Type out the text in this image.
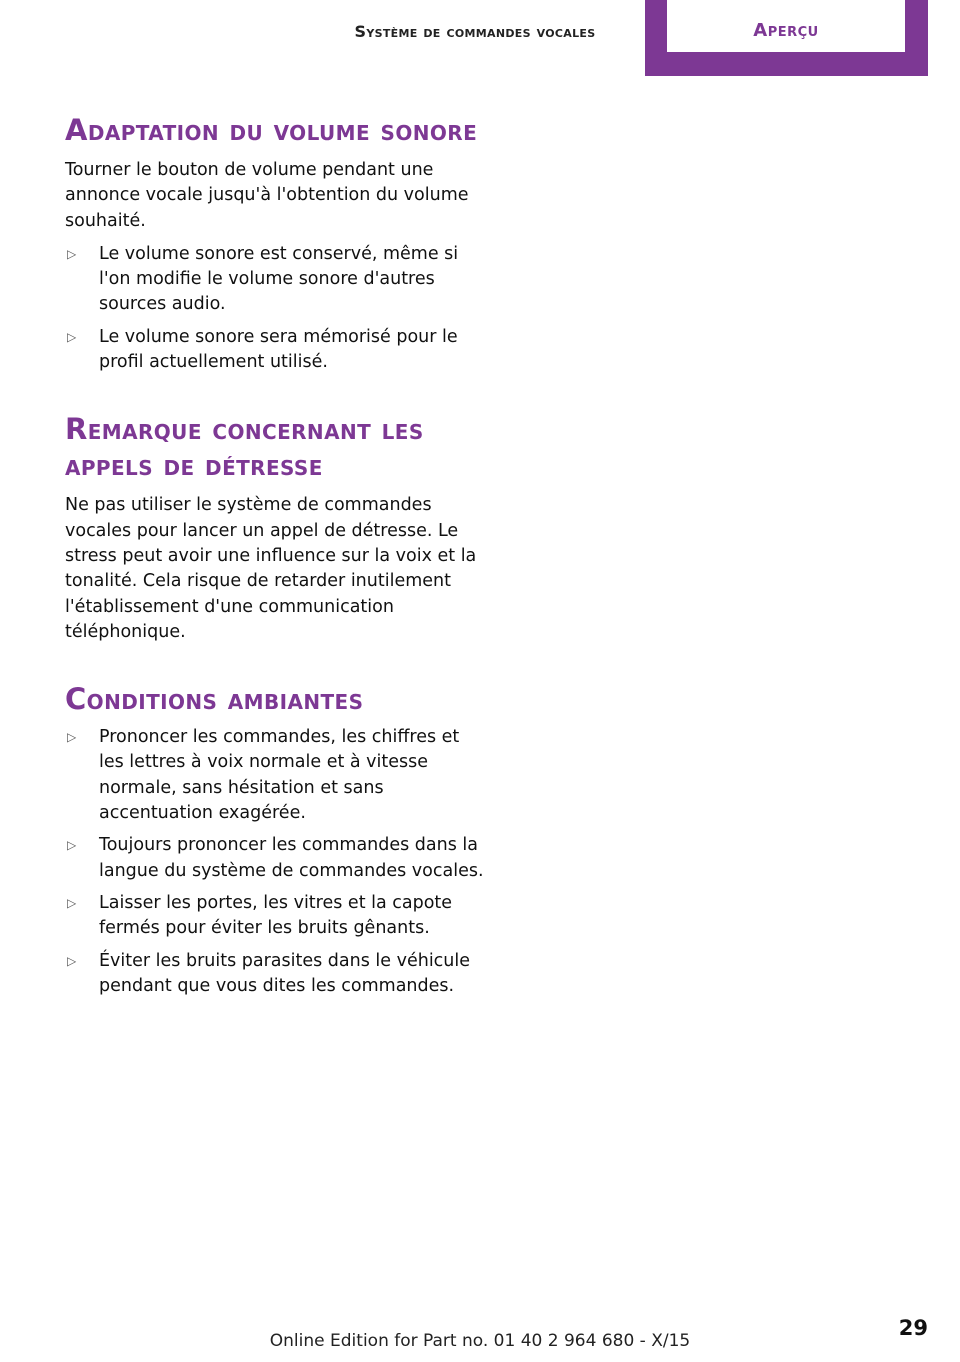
Système de commandes vocales	Aperçu
Adaptation du volume sonore

Tourner le bouton de volume pendant une annonce vocale jusqu'à l'obtention du volume souhaité.

▷ Le volume sonore est conservé, même si l'on modifie le volume sonore d'autres sources audio.
▷ Le volume sonore sera mémorisé pour le profil actuellement utilisé.
Remarque concernant les appels de détresse

Ne pas utiliser le système de commandes vocales pour lancer un appel de détresse. Le stress peut avoir une influence sur la voix et la tonalité. Cela risque de retarder inutilement l'établissement d'une communication téléphonique.

Conditions ambiantes
▷ Prononcer les commandes, les chiffres et les lettres à voix normale et à vitesse normale, sans hésitation et sans accentuation exagérée.
▷ Toujours prononcer les commandes dans la langue du système de commandes vocales.
▷ Laisser les portes, les vitres et la capote fermés pour éviter les bruits gênants.
▷ Éviter les bruits parasites dans le véhicule pendant que vous dites les commandes.
29
Online Edition for Part no. 01 40 2 964 680 - X/15
